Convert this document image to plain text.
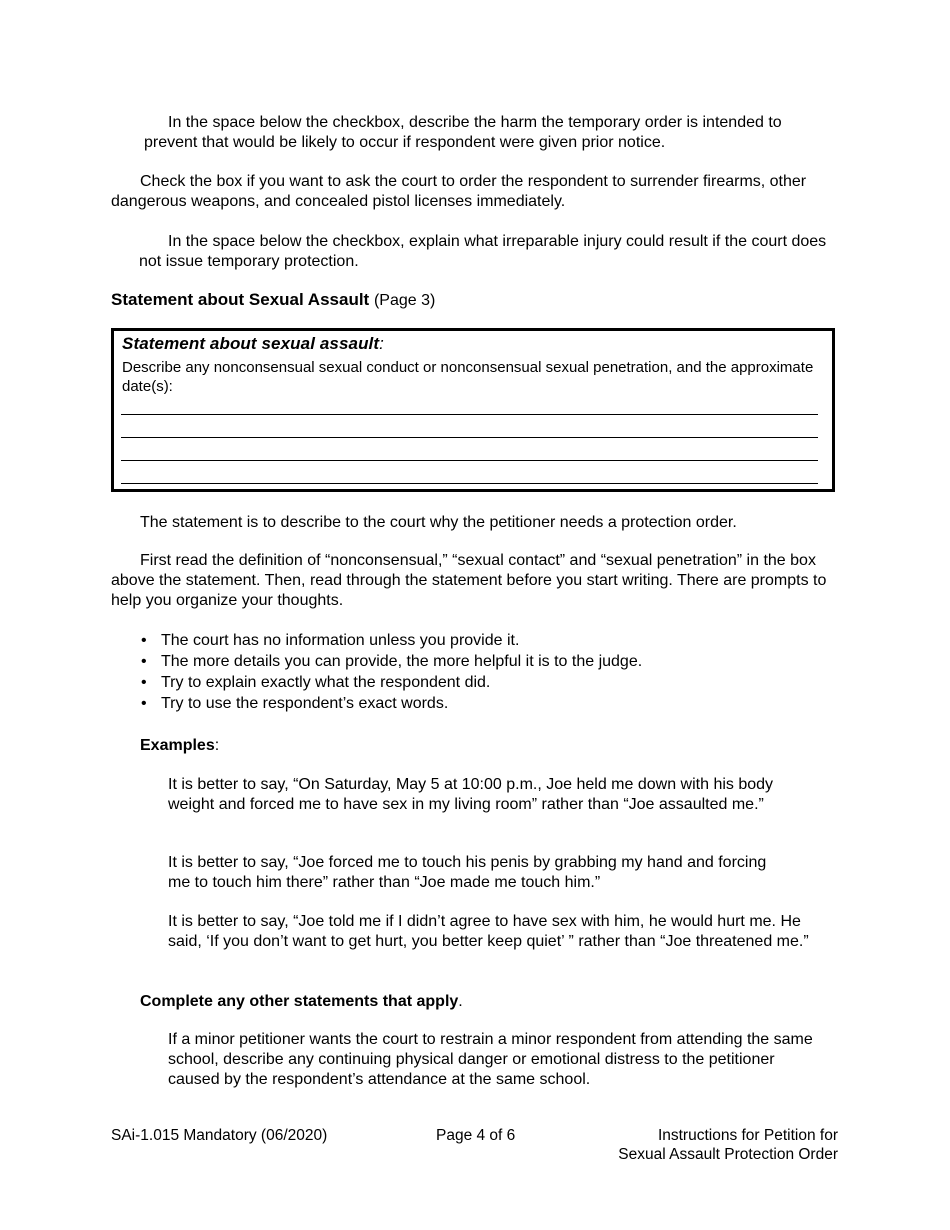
In the space below the checkbox, describe the harm the temporary order is intended to prevent that would be likely to occur if respondent were given prior notice.

Check the box if you want to ask the court to order the respondent to surrender firearms, other dangerous weapons, and concealed pistol licenses immediately.

In the space below the checkbox, explain what irreparable injury could result if the court does not issue temporary protection.

Statement about Sexual Assault (Page 3)
Statement about sexual assault:
Describe any nonconsensual sexual conduct or nonconsensual sexual penetration, and the approximate date(s):

The statement is to describe to the court why the petitioner needs a protection order.

First read the definition of “nonconsensual,” “sexual contact” and “sexual penetration” in the box above the statement. Then, read through the statement before you start writing. There are prompts to help you organize your thoughts.

• The court has no information unless you provide it.
• The more details you can provide, the more helpful it is to the judge.
• Try to explain exactly what the respondent did.
• Try to use the respondent’s exact words.
Examples:

It is better to say, “On Saturday, May 5 at 10:00 p.m., Joe held me down with his body weight and forced me to have sex in my living room” rather than “Joe assaulted me.”

It is better to say, “Joe forced me to touch his penis by grabbing my hand and forcing me to touch him there” rather than “Joe made me touch him.”

It is better to say, “Joe told me if I didn’t agree to have sex with him, he would hurt me. He said, ‘If you don’t want to get hurt, you better keep quiet’ ” rather than “Joe threatened me.”

Complete any other statements that apply.

If a minor petitioner wants the court to restrain a minor respondent from attending the same school, describe any continuing physical danger or emotional distress to the petitioner caused by the respondent’s attendance at the same school.

SAi-1.015 Mandatory (06/2020)	Page 4 of 6	Instructions for Petition for
Sexual Assault Protection Order
